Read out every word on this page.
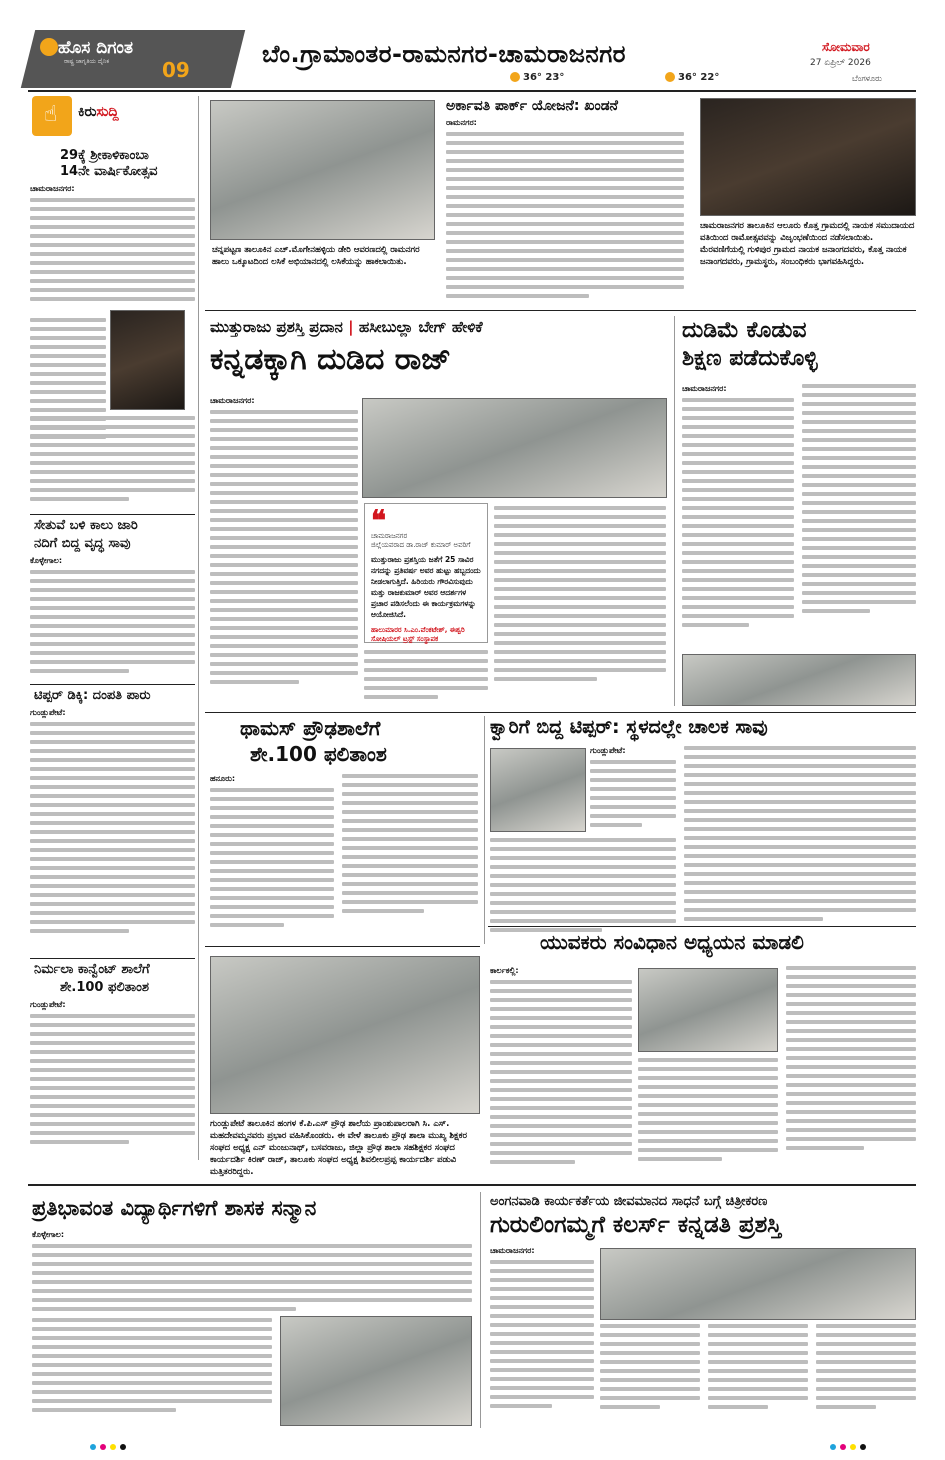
ಹೊಸ ದಿಗಂತ
ರಾಷ್ಟ್ರ ಜಾಗೃತಿಯ ದೈನಿಕ	09
ಬೆಂ.ಗ್ರಾಮಾಂತರ-ರಾಮನಗರ-ಚಾಮರಾಜನಗರ	ಸೋಮವಾರ
27 ಏಪ್ರಿಲ್ 2026
ಬೆಂಗಳೂರು
36° 23°	36° 22°
☝ ಕಿರುಸುದ್ದಿ
29ಕ್ಕೆ ಶ್ರೀಕಾಳಿಕಾಂಬಾ
14ನೇ ವಾರ್ಷಿಕೋತ್ಸವ
ಚಾಮರಾಜನಗರ:
ಸೇತುವೆ ಬಳಿ ಕಾಲು ಜಾರಿ
ನದಿಗೆ ಬಿದ್ದ ವೃದ್ಧ ಸಾವು
ಕೊಳ್ಳೇಗಾಲ:
ಟಿಪ್ಪರ್ ಡಿಕ್ಕಿ: ದಂಪತಿ ಪಾರು
ಗುಂಡ್ಲುಪೇಟೆ:
ನಿರ್ಮಲಾ ಕಾನ್ವೆಂಟ್ ಶಾಲೆಗೆ
ಶೇ.100 ಫಲಿತಾಂಶ
ಗುಂಡ್ಲುಪೇಟೆ:
ಚನ್ನಪಟ್ಟಣ ತಾಲೂಕಿನ ಎಚ್.ಮೊಗೇನಹಳ್ಳಿಯ ಡೇರಿ ಆವರಣದಲ್ಲಿ ರಾಮನಗರ ಹಾಲು ಒಕ್ಕೂಟದಿಂದ ಲಸಿಕೆ ಅಭಿಯಾನದಲ್ಲಿ ಲಸಿಕೆಯನ್ನು ಹಾಕಲಾಯಿತು.
ಅರ್ಕಾವತಿ ಪಾರ್ಕ್ ಯೋಜನೆ: ಖಂಡನೆ
ರಾಮನಗರ:
ಚಾಮರಾಜನಗರ ತಾಲೂಕಿನ ಆಲೂರು ಕೊತ್ತ ಗ್ರಾಮದಲ್ಲಿ ನಾಯಕ ಸಮುದಾಯದ ವತಿಯಿಂದ ರಾಮೋತ್ಸವವನ್ನು ವಿಜೃಂಭಣೆಯಿಂದ ನಡೆಸಲಾಯಿತು. ಮೆರವಣಿಗೆಯಲ್ಲಿ ಗುಳಿಪುರ ಗ್ರಾಮದ ನಾಯಕ ಜನಾಂಗದವರು, ಕೊತ್ತ ನಾಯಕ ಜನಾಂಗದವರು, ಗ್ರಾಮಸ್ಥರು, ಸಂಬಂಧಿಕರು ಭಾಗವಹಿಸಿದ್ದರು.
ಮುತ್ತುರಾಜು ಪ್ರಶಸ್ತಿ ಪ್ರದಾನ | ಹಸೀಬುಲ್ಲಾ ಬೇಗ್ ಹೇಳಿಕೆ
ಕನ್ನಡಕ್ಕಾಗಿ ದುಡಿದ ರಾಜ್
ಚಾಮರಾಜನಗರ:
❝
ಚಾಮರಾಜನಗರ
ಜಿಲ್ಲೆಯವರಾದ ಡಾ.ರಾಜ್ ಕುಮಾರ್ ಅವರಿಗೆ
ಮುತ್ತುರಾಜು ಪ್ರಶಸ್ತಿಯ ಜತೆಗೆ 25 ಸಾವಿರ ನಗದನ್ನು ಪ್ರತಿವರ್ಷ ಅವರ ಹುಟ್ಟು ಹಬ್ಬದಂದು ನೀಡಲಾಗುತ್ತಿದೆ. ಹಿರಿಯರು ಗೌರವಿಸುವುದು ಮತ್ತು ರಾಜಕುಮಾರ್ ಅವರ ಆದರ್ಶಗಳ ಪ್ರಚಾರ ಪಡಿಸಲೆಂದು ಈ ಕಾರ್ಯಕ್ರಮಗಳನ್ನು ಆಯೋಜಿಸಿದೆ.
ಹಾಲುಮಾರರ ಸಿ.ಎಂ.ವೆಂಕಟೇಶ್, ಈಶ್ವರಿ ಸೋಷಿಯಲ್ ಟ್ರಸ್ಟ್ ಸಂಸ್ಥಾಪಕ
ದುಡಿಮೆ ಕೊಡುವ
ಶಿಕ್ಷಣ ಪಡೆದುಕೊಳ್ಳಿ
ಚಾಮರಾಜನಗರ:
ಥಾಮಸ್ ಪ್ರೌಢಶಾಲೆಗೆ
ಶೇ.100 ಫಲಿತಾಂಶ
ಹನೂರು:
ಕ್ವಾರಿಗೆ ಬಿದ್ದ ಟಿಪ್ಪರ್: ಸ್ಥಳದಲ್ಲೇ ಚಾಲಕ ಸಾವು
ಗುಂಡ್ಲುಪೇಟೆ:
ಗುಂಡ್ಲುಪೇಟೆ ತಾಲೂಕಿನ ಹಂಗಳ ಕೆ.ಪಿ.ಎಸ್ ಪ್ರೌಢ ಶಾಲೆಯ ಪ್ರಾಂಶುಪಾಲರಾಗಿ ಸಿ. ಎಸ್. ಮಹದೇವಮ್ಮನವರು ಪ್ರಭಾರ ವಹಿಸಿಕೊಂಡರು. ಈ ವೇಳೆ ತಾಲೂಕು ಪ್ರೌಢ ಶಾಲಾ ಮುಖ್ಯ ಶಿಕ್ಷಕರ ಸಂಘದ ಅಧ್ಯಕ್ಷ ಎನ್ ಮಂಜುನಾಥ್, ಬಸವರಾಜು, ಜಿಲ್ಲಾ ಪ್ರೌಢ ಶಾಲಾ ಸಹಶಿಕ್ಷಕರ ಸಂಘದ ಕಾರ್ಯದರ್ಶಿ ಕಿರಣ್ ರಾಜ್, ತಾಲೂಕು ಸಂಘದ ಅಧ್ಯಕ್ಷ ಶಿವಲೀಲಪ್ರಪ್ಪ ಕಾರ್ಯದರ್ಶಿ ಪಡುವಿ ಮತ್ತಿತರರಿದ್ದರು.
ಯುವಕರು ಸಂವಿಧಾನ ಅಧ್ಯಯನ ಮಾಡಲಿ
ಕಾರ್ಲಕಲ್ಲಿ:
ಪ್ರತಿಭಾವಂತ ವಿದ್ಯಾರ್ಥಿಗಳಿಗೆ ಶಾಸಕ ಸನ್ಮಾನ
ಕೊಳ್ಳೇಗಾಲ:
ಅಂಗನವಾಡಿ ಕಾರ್ಯಕರ್ತೆಯ ಜೀವಮಾನದ ಸಾಧನೆ ಬಗ್ಗೆ ಚಿತ್ರೀಕರಣ
ಗುರುಲಿಂಗಮ್ಮಗೆ ಕಲರ್ಸ್ ಕನ್ನಡತಿ ಪ್ರಶಸ್ತಿ
ಚಾಮರಾಜನಗರ:
